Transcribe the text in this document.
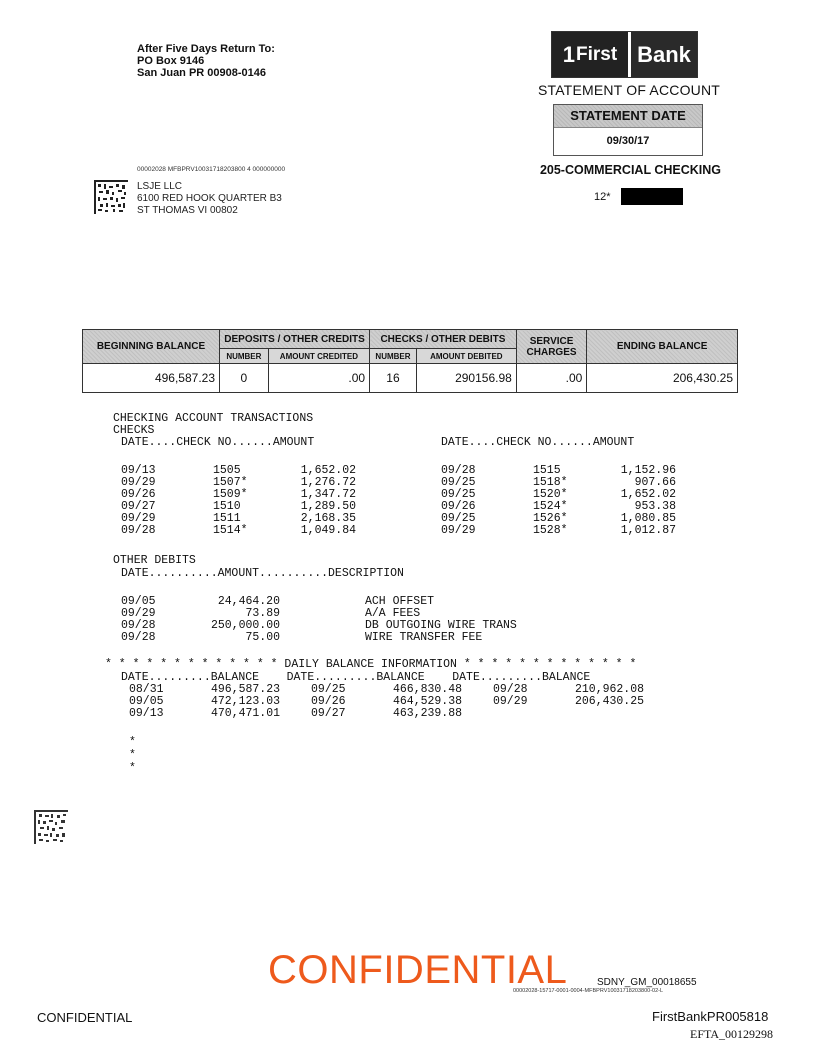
After Five Days Return To:
PO Box 9146
San Juan PR 00908-0146
1 First Bank
STATEMENT OF ACCOUNT
STATEMENT DATE
09/30/17
205-COMMERCIAL CHECKING
12*
00002028 MFBPRV10031718203800 4 000000000
LSJE LLC
6100 RED HOOK QUARTER B3
ST THOMAS VI 00802
BEGINNING BALANCE	DEPOSITS / OTHER CREDITS		CHECKS / OTHER DEBITS		SERVICE CHARGES	ENDING BALANCE
	NUMBER	AMOUNT CREDITED	NUMBER	AMOUNT DEBITED		
496,587.23	0	.00	16	290156.98	.00	206,430.25
CHECKING ACCOUNT TRANSACTIONS
CHECKS
DATE....CHECK NO......AMOUNT	DATE....CHECK NO......AMOUNT
09/13	1505	1,652.02
09/29	1507*	1,276.72
09/26	1509*	1,347.72
09/27	1510	1,289.50
09/29	1511	2,168.35
09/28	1514*	1,049.84
09/28	1515	1,152.96
09/25	1518*	907.66
09/25	1520*	1,652.02
09/26	1524*	953.38
09/25	1526*	1,080.85
09/29	1528*	1,012.87
OTHER DEBITS
DATE..........AMOUNT..........DESCRIPTION
09/05	24,464.20	ACH OFFSET
09/29	73.89	A/A FEES
09/28	250,000.00	DB OUTGOING WIRE TRANS
09/28	75.00	WIRE TRANSFER FEE
* * * * * * * * * * * * * DAILY BALANCE INFORMATION * * * * * * * * * * * * *
DATE.........BALANCE    DATE.........BALANCE    DATE.........BALANCE
08/31	496,587.23	09/25	466,830.48	09/28	210,962.08
09/05	472,123.03	09/26	464,529.38	09/29	206,430.25
09/13	470,471.01	09/27	463,239.88
*
*
*
CONFIDENTIAL	SDNY_GM_00018655
00002028-15717-0001-0004-MFBPRV10031718203800-02-L
CONFIDENTIAL	FirstBankPR005818
EFTA_00129298
